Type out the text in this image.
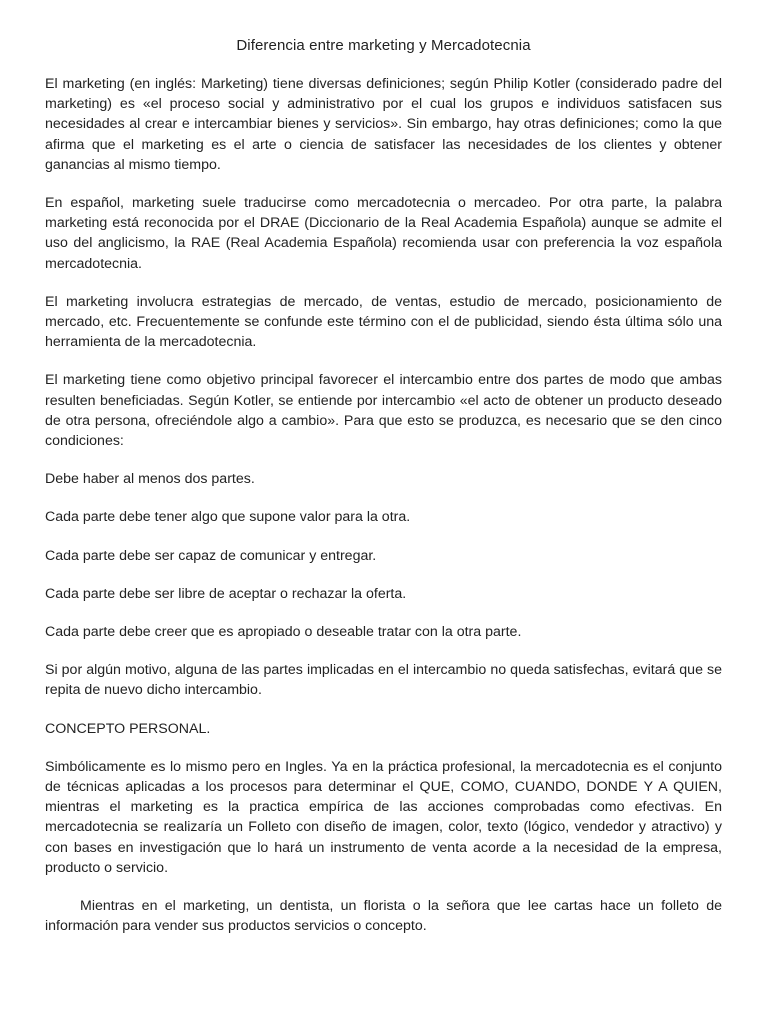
Diferencia entre marketing y Mercadotecnia

El marketing (en inglés: Marketing) tiene diversas definiciones; según Philip Kotler (considerado padre del marketing) es «el proceso social y administrativo por el cual los grupos e individuos satisfacen sus necesidades al crear e intercambiar bienes y servicios». Sin embargo, hay otras definiciones; como la que afirma que el marketing es el arte o ciencia de satisfacer las necesidades de los clientes y obtener ganancias al mismo tiempo.

En español, marketing suele traducirse como mercadotecnia o mercadeo. Por otra parte, la palabra marketing está reconocida por el DRAE (Diccionario de la Real Academia Española) aunque se admite el uso del anglicismo, la RAE (Real Academia Española) recomienda usar con preferencia la voz española mercadotecnia.

El marketing involucra estrategias de mercado, de ventas, estudio de mercado, posicionamiento de mercado, etc. Frecuentemente se confunde este término con el de publicidad, siendo ésta última sólo una herramienta de la mercadotecnia.

El marketing tiene como objetivo principal favorecer el intercambio entre dos partes de modo que ambas resulten beneficiadas. Según Kotler, se entiende por intercambio «el acto de obtener un producto deseado de otra persona, ofreciéndole algo a cambio». Para que esto se produzca, es necesario que se den cinco condiciones:

Debe haber al menos dos partes.

Cada parte debe tener algo que supone valor para la otra.

Cada parte debe ser capaz de comunicar y entregar.

Cada parte debe ser libre de aceptar o rechazar la oferta.

Cada parte debe creer que es apropiado o deseable tratar con la otra parte.

Si por algún motivo, alguna de las partes implicadas en el intercambio no queda satisfechas, evitará que se repita de nuevo dicho intercambio.

CONCEPTO PERSONAL.

Simbólicamente es lo mismo pero en Ingles. Ya en la práctica profesional, la mercadotecnia es el conjunto de técnicas aplicadas a los procesos para determinar el QUE, COMO, CUANDO, DONDE Y A QUIEN, mientras el marketing es la practica empírica de las acciones comprobadas como efectivas. En mercadotecnia se realizaría un Folleto con diseño de imagen, color, texto (lógico, vendedor y atractivo) y con bases en investigación que lo hará un instrumento de venta acorde a la necesidad de la empresa, producto o servicio.

Mientras en el marketing, un dentista, un florista o la señora que lee cartas hace un folleto de información para vender sus productos servicios o concepto.
